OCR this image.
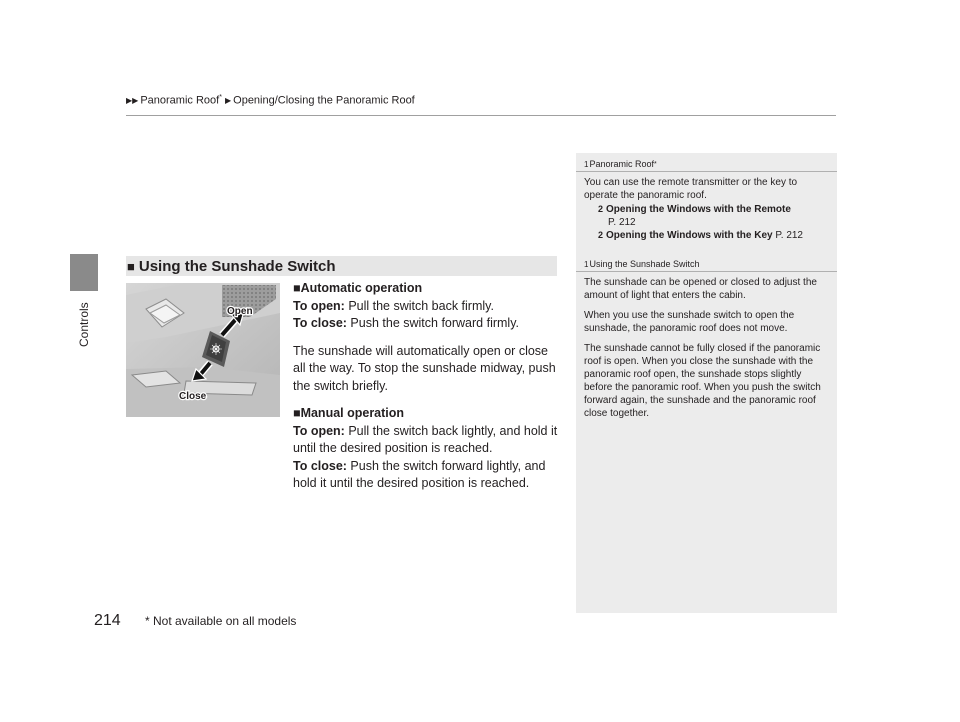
Controls
214 * Not available on all models
▶▶ Panoramic Roof* ▶ Opening/Closing the Panoramic Roof
1 Panoramic Roof *

You can use the remote transmitter or the key to operate the panoramic roof.

2 Opening the Windows with the Remote
P. 212
2 Opening the Windows with the Key P. 212
1 Using the Sunshade Switch

The sunshade can be opened or closed to adjust the amount of light that enters the cabin.

When you use the sunshade switch to open the sunshade, the panoramic roof does not move.

The sunshade cannot be fully closed if the panoramic roof is open. When you close the sunshade with the panoramic roof open, the sunshade stops slightly before the panoramic roof. When you push the switch forward again, the sunshade and the panoramic roof close together.

■ Using the Sunshade Switch
Open
Close

■Automatic operation

To open: Pull the switch back firmly.

To close: Push the switch forward firmly.

The sunshade will automatically open or close all the way. To stop the sunshade midway, push the switch briefly.

■Manual operation

To open: Pull the switch back lightly, and hold it until the desired position is reached.

To close: Push the switch forward lightly, and hold it until the desired position is reached.
